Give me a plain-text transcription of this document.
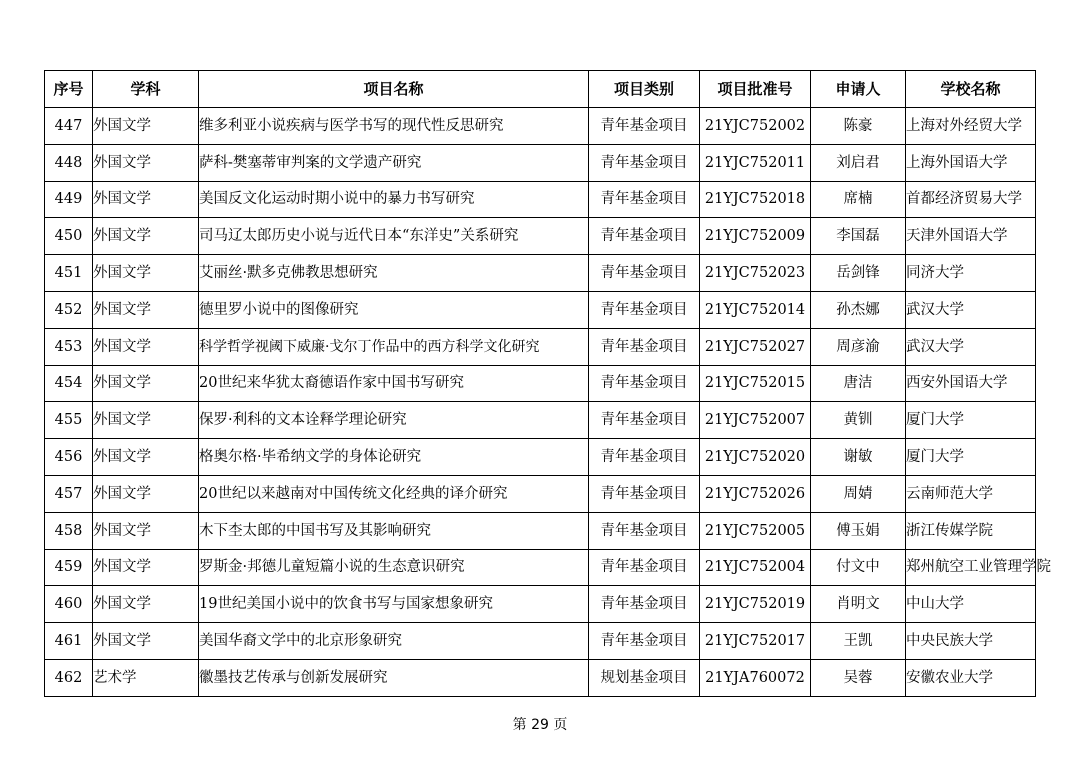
序号	学科	项目名称	项目类别	项目批准号	申请人	学校名称
447	外国文学	维多利亚小说疾病与医学书写的现代性反思研究	青年基金项目	21YJC752002	陈豪	上海对外经贸大学
448	外国文学	萨科-樊塞蒂审判案的文学遗产研究	青年基金项目	21YJC752011	刘启君	上海外国语大学
449	外国文学	美国反文化运动时期小说中的暴力书写研究	青年基金项目	21YJC752018	席楠	首都经济贸易大学
450	外国文学	司马辽太郎历史小说与近代日本“东洋史”关系研究	青年基金项目	21YJC752009	李国磊	天津外国语大学
451	外国文学	艾丽丝·默多克佛教思想研究	青年基金项目	21YJC752023	岳剑锋	同济大学
452	外国文学	德里罗小说中的图像研究	青年基金项目	21YJC752014	孙杰娜	武汉大学
453	外国文学	科学哲学视阈下威廉·戈尔丁作品中的西方科学文化研究	青年基金项目	21YJC752027	周彦渝	武汉大学
454	外国文学	20世纪来华犹太裔德语作家中国书写研究	青年基金项目	21YJC752015	唐洁	西安外国语大学
455	外国文学	保罗·利科的文本诠释学理论研究	青年基金项目	21YJC752007	黄钏	厦门大学
456	外国文学	格奥尔格·毕希纳文学的身体论研究	青年基金项目	21YJC752020	谢敏	厦门大学
457	外国文学	20世纪以来越南对中国传统文化经典的译介研究	青年基金项目	21YJC752026	周婧	云南师范大学
458	外国文学	木下杢太郎的中国书写及其影响研究	青年基金项目	21YJC752005	傅玉娟	浙江传媒学院
459	外国文学	罗斯金·邦德儿童短篇小说的生态意识研究	青年基金项目	21YJC752004	付文中	郑州航空工业管理学院
460	外国文学	19世纪美国小说中的饮食书写与国家想象研究	青年基金项目	21YJC752019	肖明文	中山大学
461	外国文学	美国华裔文学中的北京形象研究	青年基金项目	21YJC752017	王凯	中央民族大学
462	艺术学	徽墨技艺传承与创新发展研究	规划基金项目	21YJA760072	吴蓉	安徽农业大学
第 29 页
